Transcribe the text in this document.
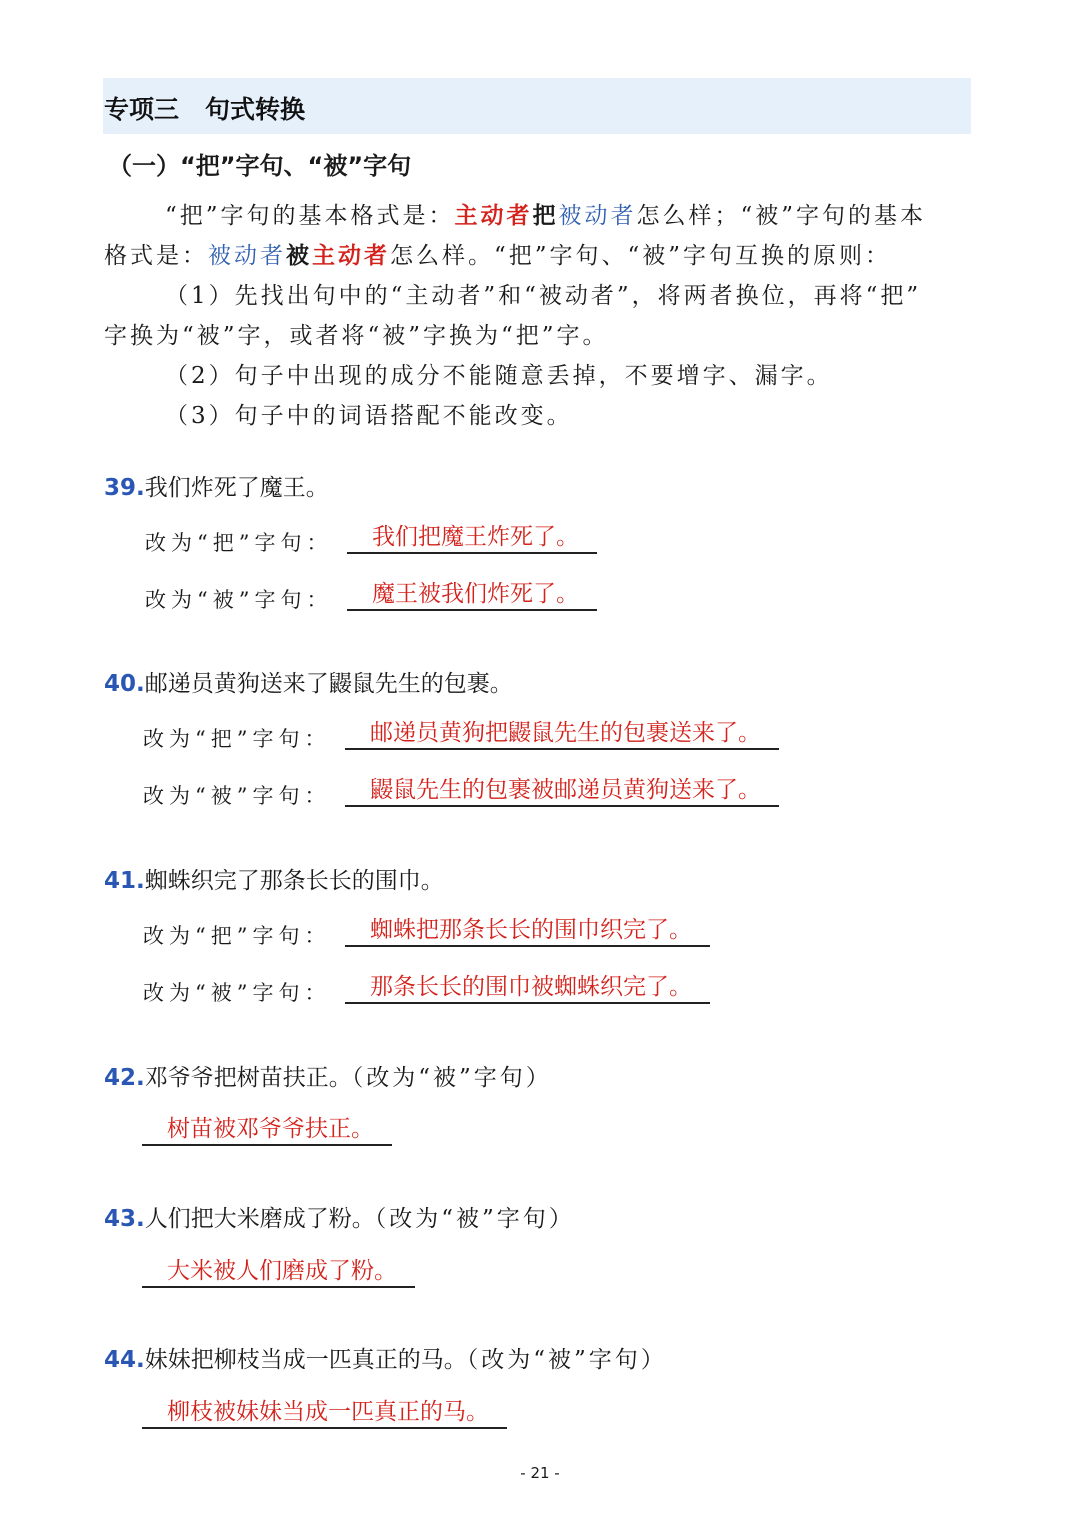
专项三 句式转换
（一）“把”字句、“被”字句
“把”字句的基本格式是：主动者把被动者怎么样；“被”字句的基本
格式是：被动者被主动者怎么样。“把”字句、“被”字句互换的原则：
（1）先找出句中的“主动者”和“被动者”，将两者换位，再将“把”
字换为“被”字，或者将“被”字换为“把”字。
（2）句子中出现的成分不能随意丢掉，不要增字、漏字。
（3）句子中的词语搭配不能改变。
39.我们炸死了魔王。
改为“把”字句：	我们把魔王炸死了。
改为“被”字句：	魔王被我们炸死了。
40.邮递员黄狗送来了鼹鼠先生的包裹。
改为“把”字句：	邮递员黄狗把鼹鼠先生的包裹送来了。
改为“被”字句：	鼹鼠先生的包裹被邮递员黄狗送来了。
41.蜘蛛织完了那条长长的围巾。
改为“把”字句：	蜘蛛把那条长长的围巾织完了。
改为“被”字句：	那条长长的围巾被蜘蛛织完了。
42.邓爷爷把树苗扶正。（改为“被”字句）
树苗被邓爷爷扶正。
43.人们把大米磨成了粉。（改为“被”字句）
大米被人们磨成了粉。
44.妹妹把柳枝当成一匹真正的马。（改为“被”字句）
柳枝被妹妹当成一匹真正的马。
- 21 -
